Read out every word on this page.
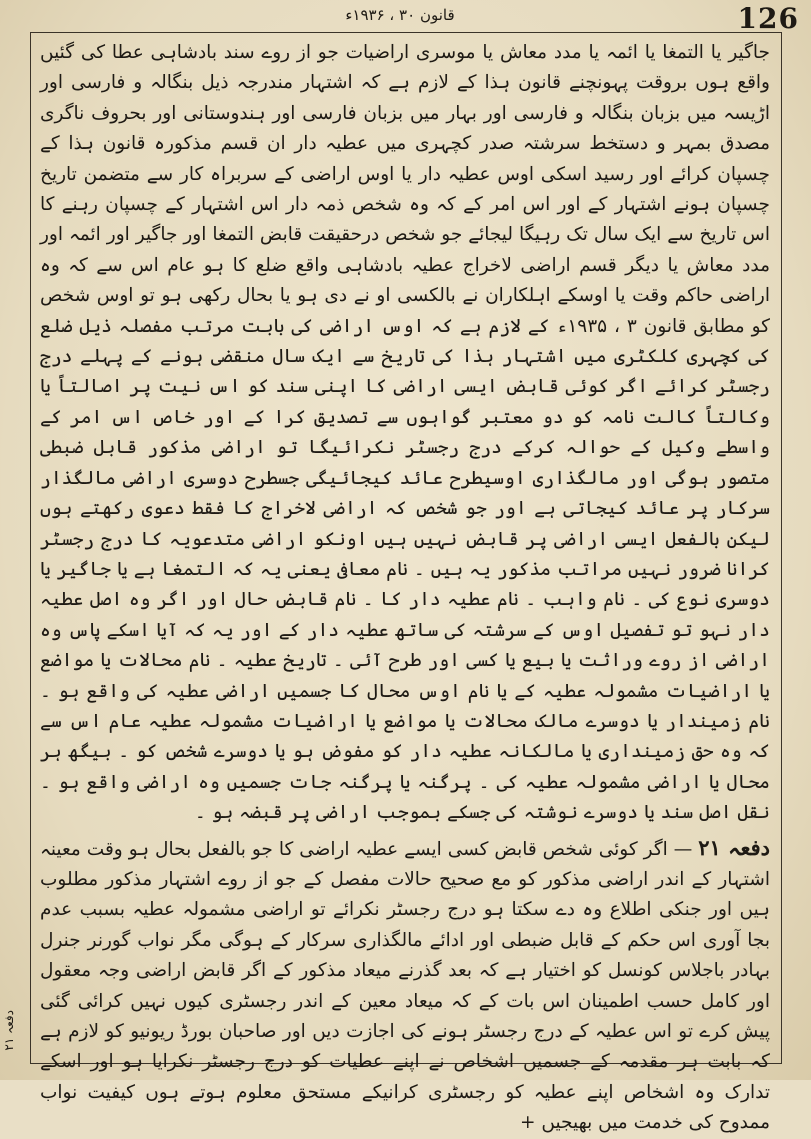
126
قانون ۳۰ ، ۱۹۳۶ء
دفعہ ۲۱

جاگیر یا التمغا یا ائمہ یا مدد معاش یا موسری اراضیات جو از روے سند بادشاہی عطا کی گئیں واقع ہوں بروقت پہونچنے قانون ہذا کے لازم ہے کہ اشتہار مندرجہ ذیل بنگالہ و فارسی اور اڑیسہ میں بزبان بنگالہ و فارسی اور بہار میں بزبان فارسی اور ہندوستانی اور بحروف ناگری مصدق بمہر و دستخط سرشتہ صدر کچہری میں عطیہ دار ان قسم مذکورہ قانون ہذا کے چسپان کرائے اور رسید اسکی اوس عطیہ دار یا اوس اراضی کے سربراہ کار سے متضمن تاریخ چسپان ہونے اشتہار کے اور اس امر کے کہ وہ شخص ذمہ دار اس اشتہار کے چسپان رہنے کا اس تاریخ سے ایک سال تک رہیگا لیجائے جو شخص درحقیقت قابض التمغا اور جاگیر اور ائمہ اور مدد معاش یا دیگر قسم اراضی لاخراج عطیہ بادشاہی واقع ضلع کا ہو عام اس سے کہ وہ اراضی حاکم وقت یا اوسکے اہلکاران نے بالکسی او نے دی ہو یا بحال رکھی ہو تو اوس شخص کو مطابق قانون ۳ ، ۱۹۳۵ء کے لازم ہے کہ اوس اراضی کی بابت مرتب مفصلہ ذیل ضلع کی کچہری کلکٹری میں اشتہار ہذا کی تاریخ سے ایک سال منقضی ہونے کے پہلے درج رجسٹر کرائے اگر کوئی قابض ایسی اراضی کا اپنی سند کو اس نیت پر اصالتاً یا وکالتاً کالت نامہ کو دو معتبر گواہوں سے تصدیق کرا کے اور خاص اس امر کے واسطے وکیل کے حوالہ کرکے درج رجسٹر نکرائیگا تو اراضی مذکور قابل ضبطی متصور ہوگی اور مالگذاری اوسیطرح عائد کیجائیگی جسطرح دوسری اراضی مالگذار سرکار پر عائد کیجاتی ہے اور جو شخص کہ اراضی لاخراج کا فقط دعوی رکھتے ہوں لیکن بالفعل ایسی اراضی پر قابض نہیں ہیں اونکو اراضی متدعویہ کا درج رجسٹر کرانا ضرور نہیں مراتب مذکور یہ ہیں ۔ نام معافی یعنی یہ کہ التمغا ہے یا جاگیر یا دوسری نوع کی ۔ نام واہب ۔ نام عطیہ دار کا ۔ نام قابض حال اور اگر وہ اصل عطیہ دار نہو تو تفصیل اوس کے سرشتہ کی ساتھ عطیہ دار کے اور یہ کہ آیا اسکے پاس وہ اراضی از روے وراثت یا بیع یا کسی اور طرح آئی ۔ تاریخ عطیہ ۔ نام محالات یا مواضع یا اراضیات مشمولہ عطیہ کے یا نام اوس محال کا جسمیں اراضی عطیہ کی واقع ہو ۔ نام زمیندار یا دوسرے مالک محالات یا مواضع یا اراضیات مشمولہ عطیہ عام اس سے کہ وہ حق زمینداری یا مالکانہ عطیہ دار کو مفوض ہو یا دوسرے شخص کو ۔ بیگھ ہر محال یا اراضی مشمولہ عطیہ کی ۔ پرگنہ یا پرگنہ جات جسمیں وہ اراضی واقع ہو ۔ نقل اصل سند یا دوسرے نوشتہ کی جسکے بموجب اراضی پر قبضہ ہو ۔

دفعہ ۲۱ — اگر کوئی شخص قابض کسی ایسے عطیہ اراضی کا جو بالفعل بحال ہو وقت معینہ اشتہار کے اندر اراضی مذکور کو مع صحیح حالات مفصل کے جو از روے اشتہار مذکور مطلوب ہیں اور جنکی اطلاع وہ دے سکتا ہو درج رجسٹر نکرائے تو اراضی مشمولہ عطیہ بسبب عدم بجا آوری اس حکم کے قابل ضبطی اور ادائے مالگذاری سرکار کے ہوگی مگر نواب گورنر جنرل بہادر باجلاس کونسل کو اختیار ہے کہ بعد گذرنے میعاد مذکور کے اگر قابض اراضی وجہ معقول اور کامل حسب اطمینان اس بات کے کہ میعاد معین کے اندر رجسٹری کیوں نہیں کرائی گئی پیش کرے تو اس عطیہ کے درج رجسٹر ہونے کی اجازت دیں اور صاحبان بورڈ ریونیو کو لازم ہے کہ بابت ہر مقدمہ کے جسمیں اشخاص نے اپنے عطیات کو درج رجسٹر نکرایا ہو اور اسکے تدارک وہ اشخاص اپنے عطیہ کو رجسٹری کرانیکے مستحق معلوم ہوتے ہوں کیفیت نواب ممدوح کی خدمت میں بھیجیں +
